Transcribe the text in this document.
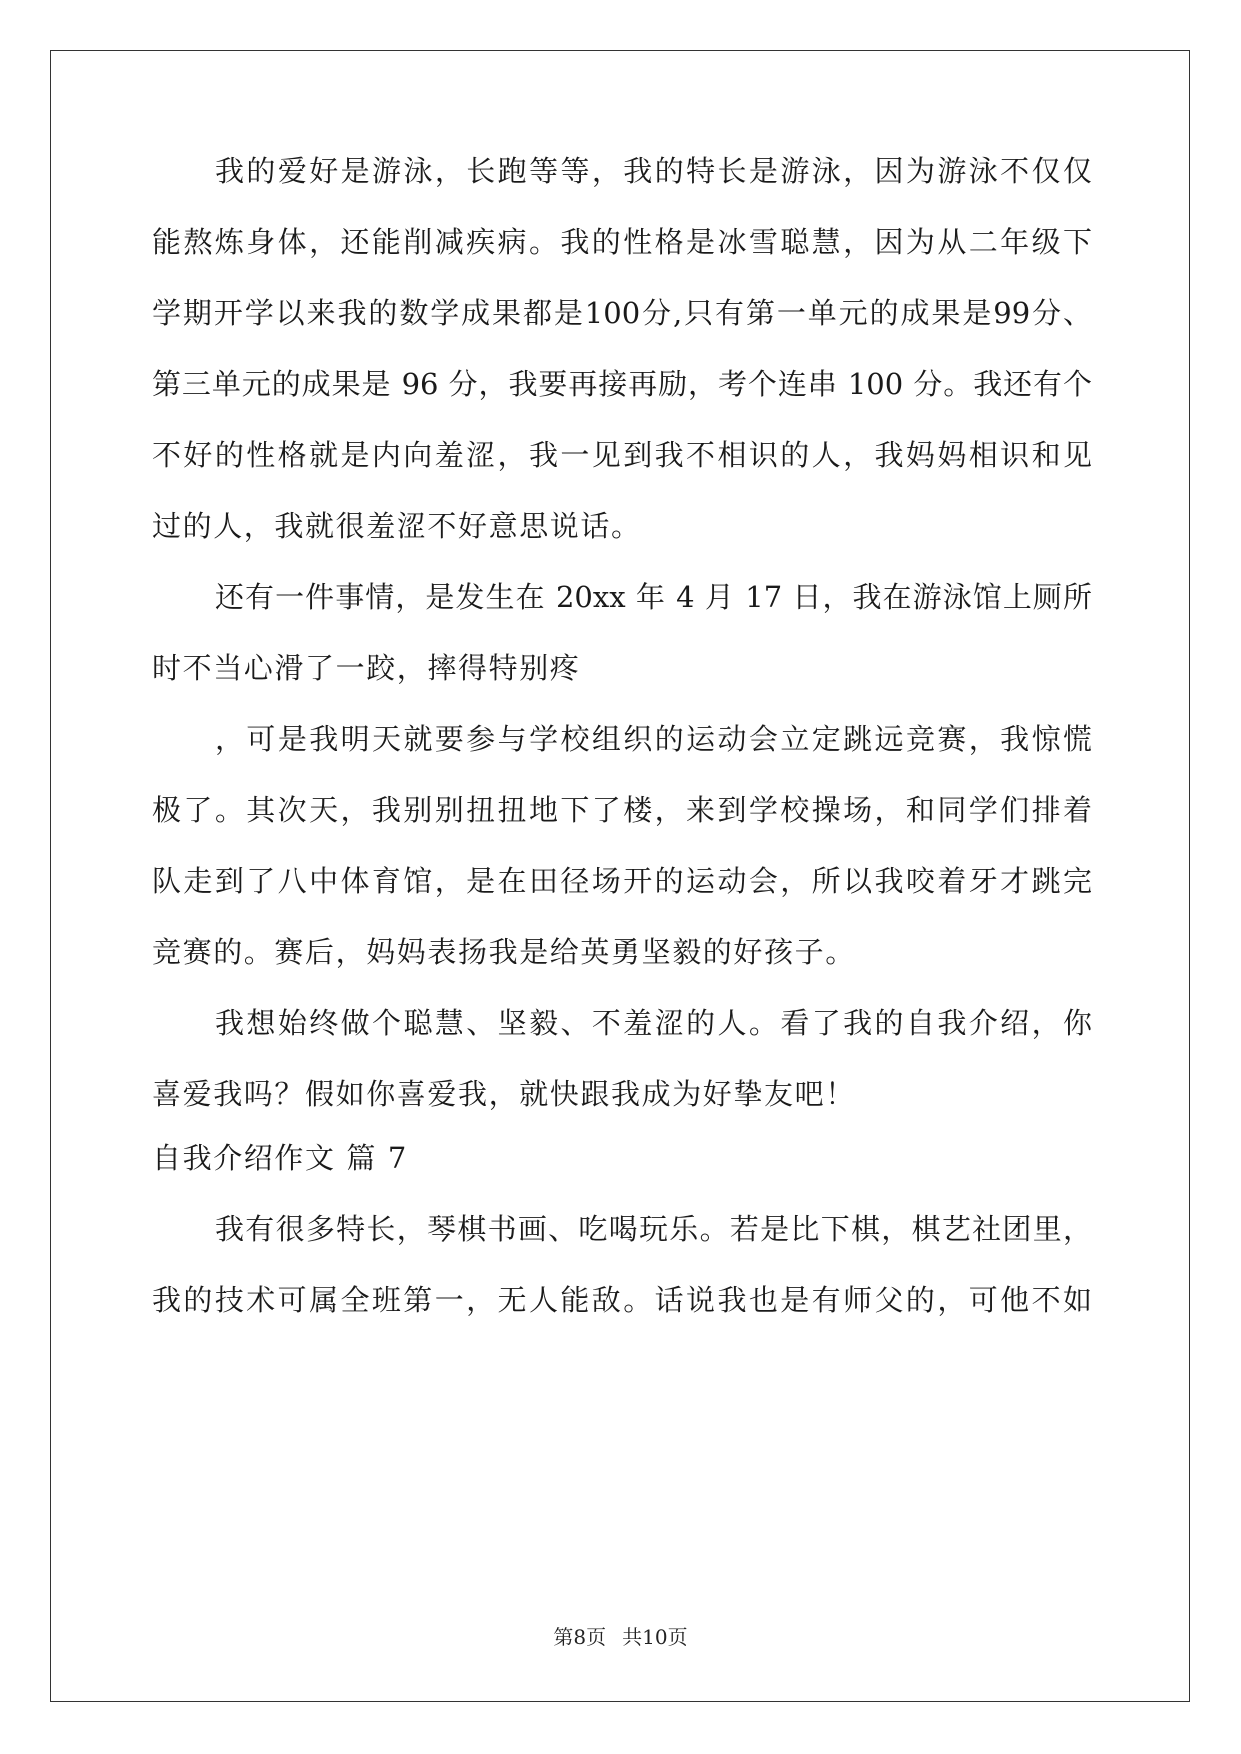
我的爱好是游泳，长跑等等，我的特长是游泳，因为游泳不仅仅
能熬炼身体，还能削减疾病。我的性格是冰雪聪慧，因为从二年级下
学期开学以来我的数学成果都是100分,只有第一单元的成果是99分、
第三单元的成果是 96 分，我要再接再励，考个连串 100 分。我还有个
不好的性格就是内向羞涩，我一见到我不相识的人，我妈妈相识和见
过的人，我就很羞涩不好意思说话。
还有一件事情，是发生在 20xx 年 4 月 17 日，我在游泳馆上厕所
时不当心滑了一跤，摔得特别疼
，可是我明天就要参与学校组织的运动会立定跳远竞赛，我惊慌
极了。其次天，我别别扭扭地下了楼，来到学校操场，和同学们排着
队走到了八中体育馆，是在田径场开的运动会，所以我咬着牙才跳完
竞赛的。赛后，妈妈表扬我是给英勇坚毅的好孩子。
我想始终做个聪慧、坚毅、不羞涩的人。看了我的自我介绍，你
喜爱我吗？假如你喜爱我，就快跟我成为好挚友吧！
自我介绍作文 篇 7
我有很多特长，琴棋书画、吃喝玩乐。若是比下棋，棋艺社团里，
我的技术可属全班第一，无人能敌。话说我也是有师父的，可他不如
第8页 共10页
